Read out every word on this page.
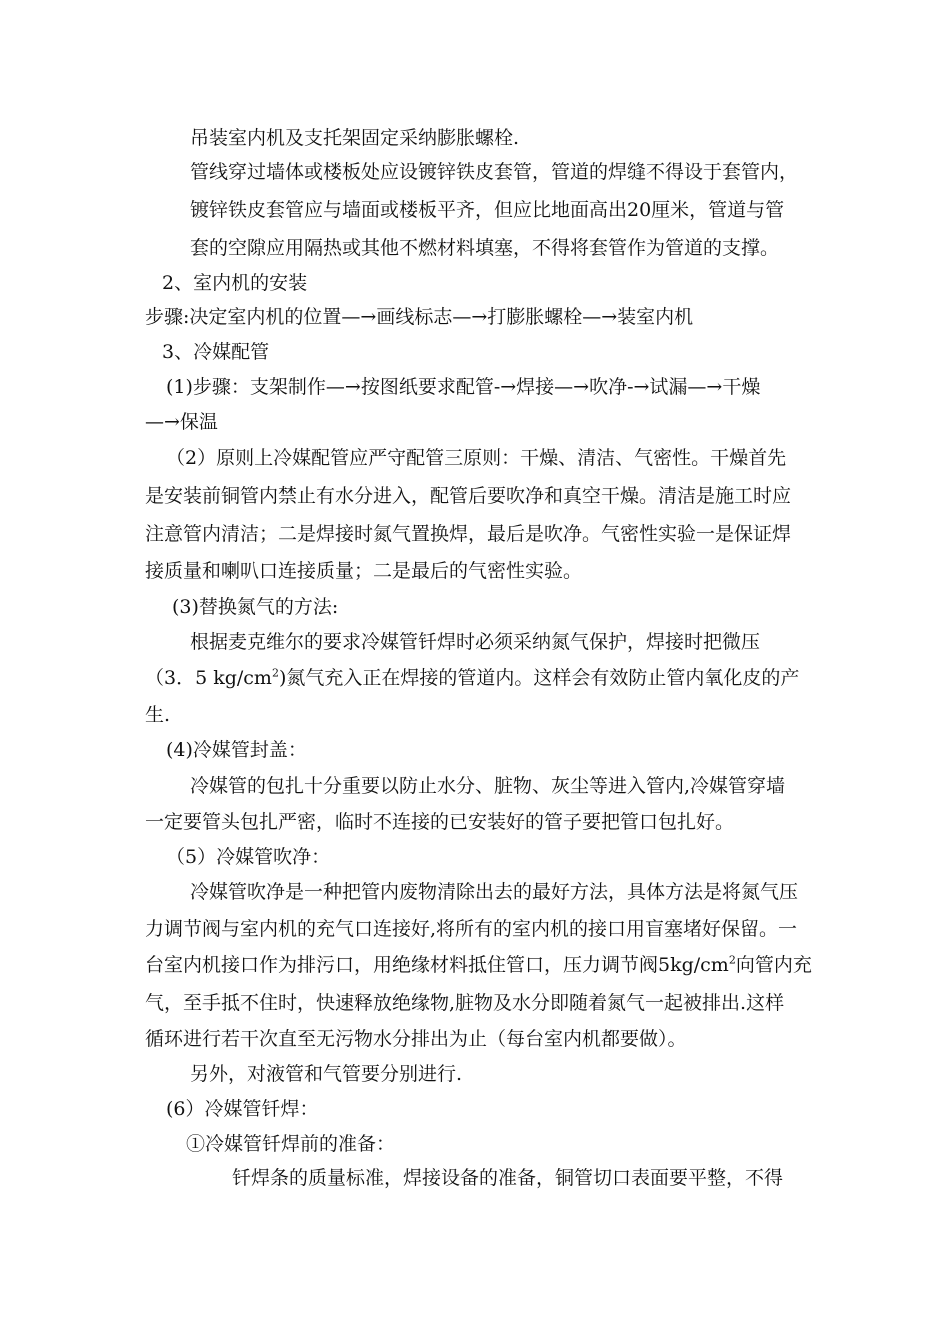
吊装室内机及支托架固定采纳膨胀螺栓.
管线穿过墙体或楼板处应设镀锌铁皮套管，管道的焊缝不得设于套管内，
镀锌铁皮套管应与墙面或楼板平齐，但应比地面高出20厘米，管道与管
套的空隙应用隔热或其他不燃材料填塞，不得将套管作为管道的支撑。
2、室内机的安装
步骤:决定室内机的位置—→画线标志—→打膨胀螺栓—→装室内机
3、冷媒配管
(1)步骤：支架制作—→按图纸要求配管-→焊接—→吹净-→试漏—→干燥
—→保温
（2）原则上冷媒配管应严守配管三原则：干燥、清洁、气密性。干燥首先
是安装前铜管内禁止有水分进入，配管后要吹净和真空干燥。清洁是施工时应
注意管内清洁；二是焊接时氮气置换焊，最后是吹净。气密性实验一是保证焊
接质量和喇叭口连接质量；二是最后的气密性实验。
(3)替换氮气的方法:
根据麦克维尔的要求冷媒管钎焊时必须采纳氮气保护，焊接时把微压
（3．5 $kg/cm^2$)氮气充入正在焊接的管道内。这样会有效防止管内氧化皮的产
生.
(4)冷媒管封盖：
冷媒管的包扎十分重要以防止水分、脏物、灰尘等进入管内,冷媒管穿墙
一定要管头包扎严密，临时不连接的已安装好的管子要把管口包扎好。
（5）冷媒管吹净：
冷媒管吹净是一种把管内废物清除出去的最好方法，具体方法是将氮气压
力调节阀与室内机的充气口连接好,将所有的室内机的接口用盲塞堵好保留。一
台室内机接口作为排污口，用绝缘材料抵住管口，压力调节阀$5kg/cm^2$向管内充
气，至手抵不住时，快速释放绝缘物,脏物及水分即随着氮气一起被排出.这样
循环进行若干次直至无污物水分排出为止（每台室内机都要做）。
另外，对液管和气管要分别进行.
(6）冷媒管钎焊：
①冷媒管钎焊前的准备：
钎焊条的质量标准，焊接设备的准备，铜管切口表面要平整，不得
